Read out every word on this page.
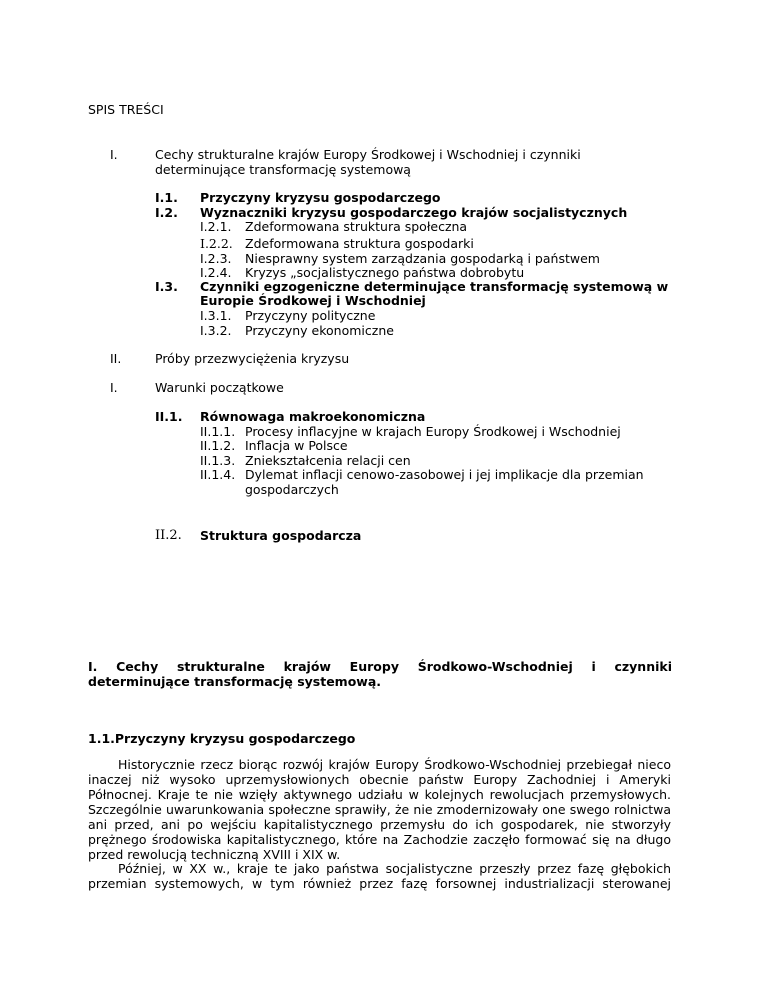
SPIS TREŚCI
I.	Cechy strukturalne krajów Europy Środkowej i Wschodniej i czynniki
determinujące transformację systemową
I.1. Przyczyny kryzysu gospodarczego
I.2. Wyznaczniki kryzysu gospodarczego krajów socjalistycznych
I.2.1. Zdeformowana struktura społeczna
I.2.2. Zdeformowana struktura gospodarki
I.2.3. Niesprawny system zarządzania gospodarką i państwem
I.2.4. Kryzys „socjalistycznego państwa dobrobytu
I.3. Czynniki egzogeniczne determinujące transformację systemową w
Europie Środkowej i Wschodniej
I.3.1. Przyczyny polityczne
I.3.2. Przyczyny ekonomiczne
II.	Próby przezwyciężenia kryzysu
I.	Warunki początkowe
II.1. Równowaga makroekonomiczna
II.1.1. Procesy inflacyjne w krajach Europy Środkowej i Wschodniej
II.1.2. Inflacja w Polsce
II.1.3. Zniekształcenia relacji cen
II.1.4. Dylemat inflacji cenowo-zasobowej i jej implikacje dla przemian
gospodarczych
II.2. Struktura gospodarcza
I. Cechy strukturalne krajów Europy Środkowo-Wschodniej i czynniki
determinujące transformację systemową.
1.1.Przyczyny kryzysu gospodarczego
Historycznie rzecz biorąc rozwój krajów Europy Środkowo-Wschodniej przebiegał nieco
inaczej niż wysoko uprzemysłowionych obecnie państw Europy Zachodniej i Ameryki
Północnej. Kraje te nie wzięły aktywnego udziału w kolejnych rewolucjach przemysłowych.
Szczególnie uwarunkowania społeczne sprawiły, że nie zmodernizowały one swego rolnictwa
ani przed, ani po wejściu kapitalistycznego przemysłu do ich gospodarek, nie stworzyły
prężnego środowiska kapitalistycznego, które na Zachodzie zaczęło formować się na długo
przed rewolucją techniczną XVIII i XIX w.
Później, w XX w., kraje te jako państwa socjalistyczne przeszły przez fazę głębokich
przemian systemowych, w tym również przez fazę forsownej industrializacji sterowanej
